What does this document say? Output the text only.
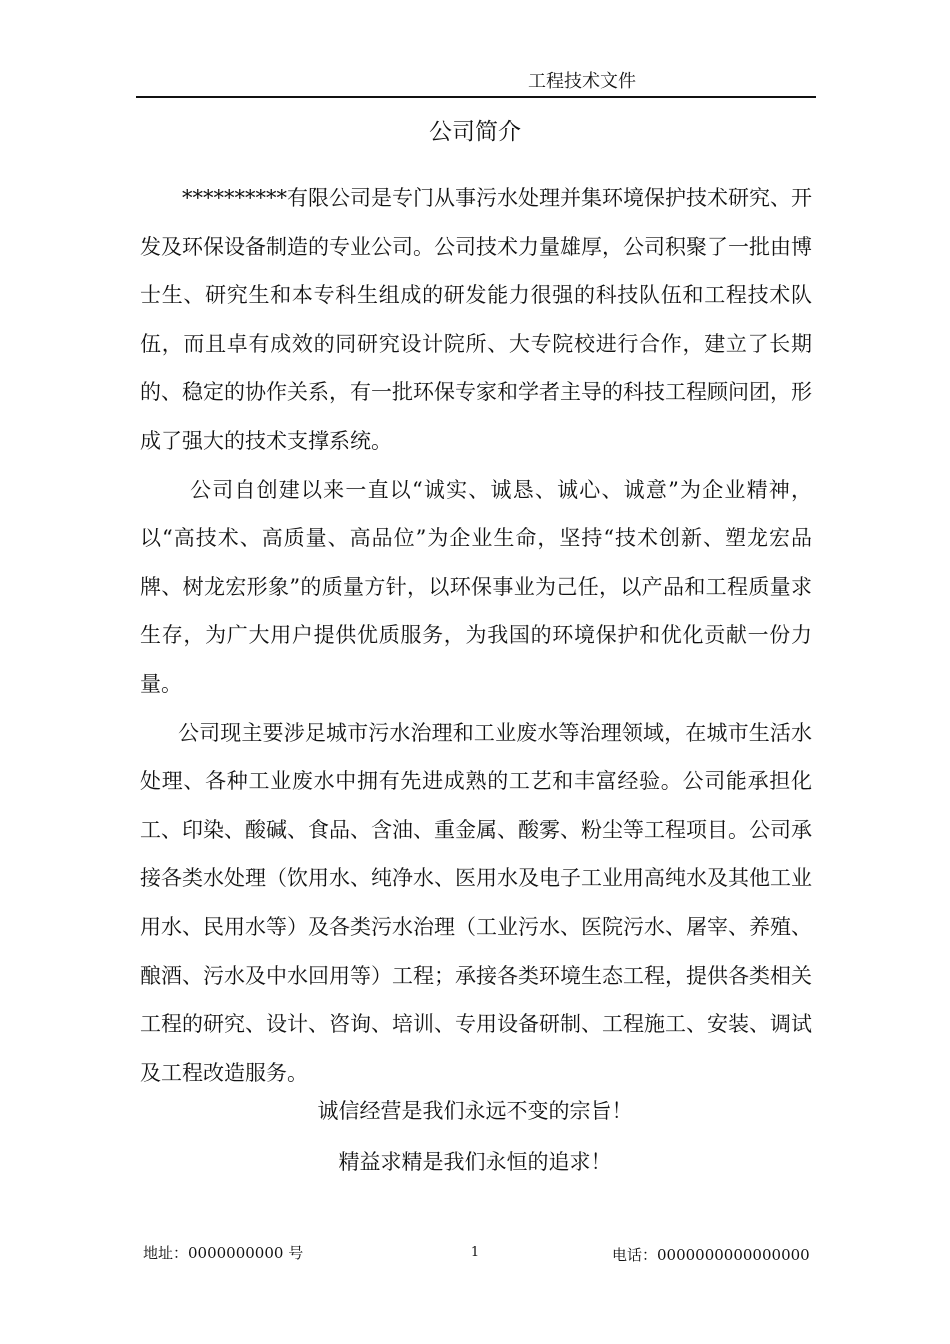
工程技术文件
公司简介

**********有限公司是专门从事污水处理并集环境保护技术研究、开发及环保设备制造的专业公司。公司技术力量雄厚，公司积聚了一批由博士生、研究生和本专科生组成的研发能力很强的科技队伍和工程技术队伍，而且卓有成效的同研究设计院所、大专院校进行合作，建立了长期的、稳定的协作关系，有一批环保专家和学者主导的科技工程顾问团，形成了强大的技术支撑系统。

公司自创建以来一直以“诚实、诚恳、诚心、诚意”为企业精神，以“高技术、高质量、高品位”为企业生命，坚持“技术创新、塑龙宏品牌、树龙宏形象”的质量方针，以环保事业为己任，以产品和工程质量求生存，为广大用户提供优质服务，为我国的环境保护和优化贡献一份力量。

公司现主要涉足城市污水治理和工业废水等治理领域，在城市生活水处理、各种工业废水中拥有先进成熟的工艺和丰富经验。公司能承担化工、印染、酸碱、食品、含油、重金属、酸雾、粉尘等工程项目。公司承接各类水处理（饮用水、纯净水、医用水及电子工业用高纯水及其他工业用水、民用水等）及各类污水治理（工业污水、医院污水、屠宰、养殖、酿酒、污水及中水回用等）工程；承接各类环境生态工程，提供各类相关工程的研究、设计、咨询、培训、专用设备研制、工程施工、安装、调试及工程改造服务。

诚信经营是我们永远不变的宗旨！
精益求精是我们永恒的追求！
地址：0000000000 号	1	电话：0000000000000000
